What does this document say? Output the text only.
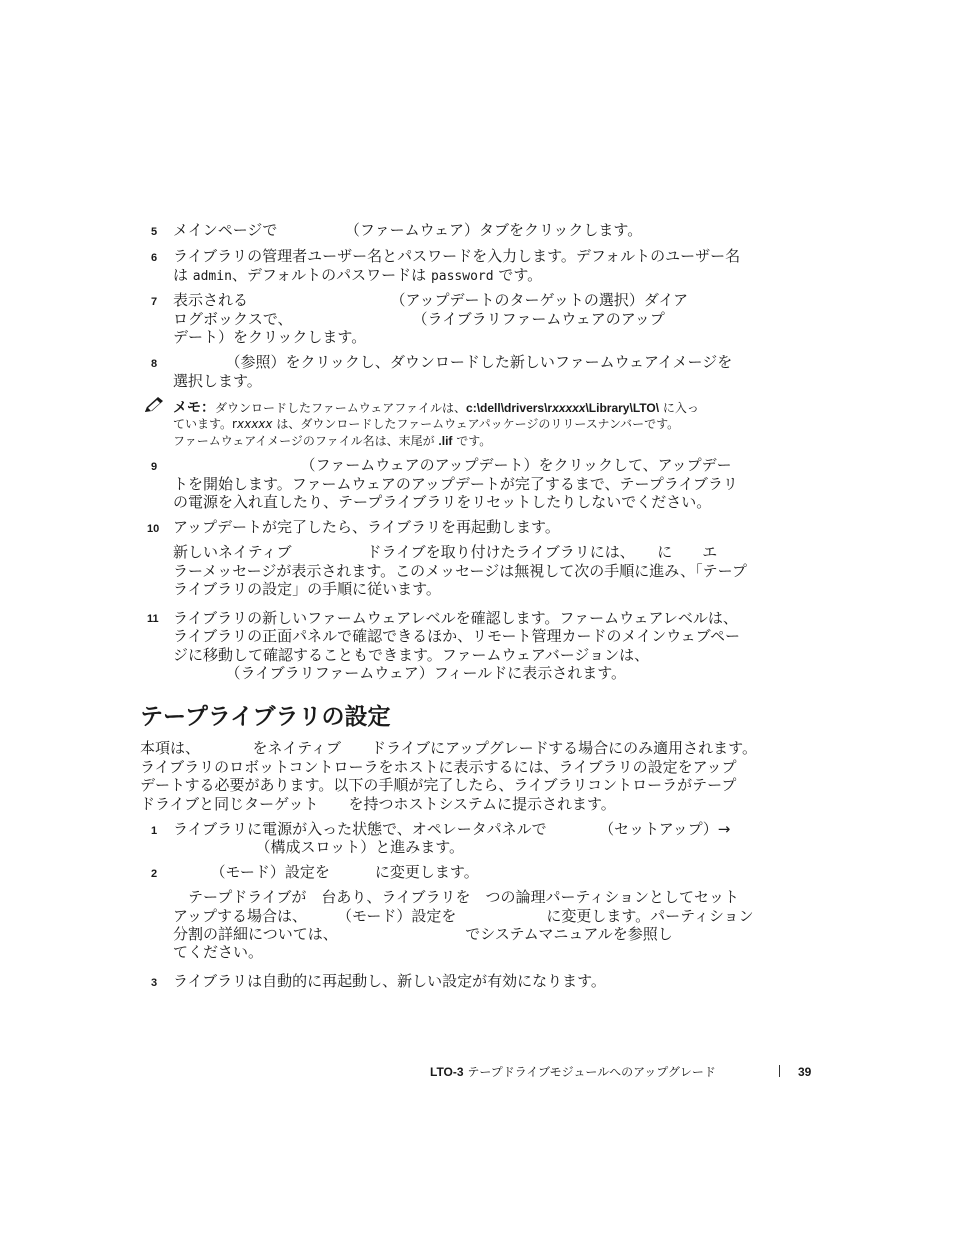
5 メインページで　　　　　（ファームウェア）タブをクリックします。
6 ライブラリの管理者ユーザー名とパスワードを入力します。デフォルトのユーザー名
は admin、デフォルトのパスワードは password です。
7 表示される　　　　　　　　　　（アップデートのターゲットの選択）ダイア
ログボックスで、　　　　　　　　　（ライブラリファームウェアのアップ
デート）をクリックします。
8 　　　　（参照）をクリックし、ダウンロードした新しいファームウェアイメージを
選択します。
メモ：ダウンロードしたファームウェアファイルは、c:\dell\drivers\rxxxxx\Library\LTO\ に入っ
ています。rxxxxx は、ダウンロードしたファームウェアパッケージのリリースナンバーです。
ファームウェアイメージのファイル名は、末尾が .lif です。
9 　　　　　　　　　（ファームウェアのアップデート）をクリックして、アップデー
トを開始します。ファームウェアのアップデートが完了するまで、テープライブラリ
の電源を入れ直したり、テープライブラリをリセットしたりしないでください。
10 アップデートが完了したら、ライブラリを再起動します。
新しいネイティブ　　　　　ドライブを取り付けたライブラリには、　　に　　エ
ラーメッセージが表示されます。このメッセージは無視して次の手順に進み、「テープ
ライブラリの設定」の手順に従います。
11 ライブラリの新しいファームウェアレベルを確認します。ファームウェアレベルは、
ライブラリの正面パネルで確認できるほか、リモート管理カードのメインウェブペー
ジに移動して確認することもできます。ファームウェアバージョンは、
　　　　（ライブラリファームウェア）フィールドに表示されます。
テープライブラリの設定
本項は、　　　　をネイティブ　　ドライブにアップグレードする場合にのみ適用されます。
ライブラリのロボットコントローラをホストに表示するには、ライブラリの設定をアップ
デートする必要があります。以下の手順が完了したら、ライブラリコントローラがテープ
ドライブと同じターゲット　　を持つホストシステムに提示されます。
1 ライブラリに電源が入った状態で、オペレータパネルで　　　　（セットアップ）→
　　　　　　（構成スロット）と進みます。
2 　　　（モード）設定を　　　に変更します。
　テープドライブが　台あり、ライブラリを　つの論理パーティションとしてセット
アップする場合は、　　　（モード）設定を　　　　　　に変更します。パーティション
分割の詳細については、　　　　　　　　　でシステムマニュアルを参照し
てください。
3 ライブラリは自動的に再起動し、新しい設定が有効になります。
LTO-3 テープドライブモジュールへのアップグレード	39
